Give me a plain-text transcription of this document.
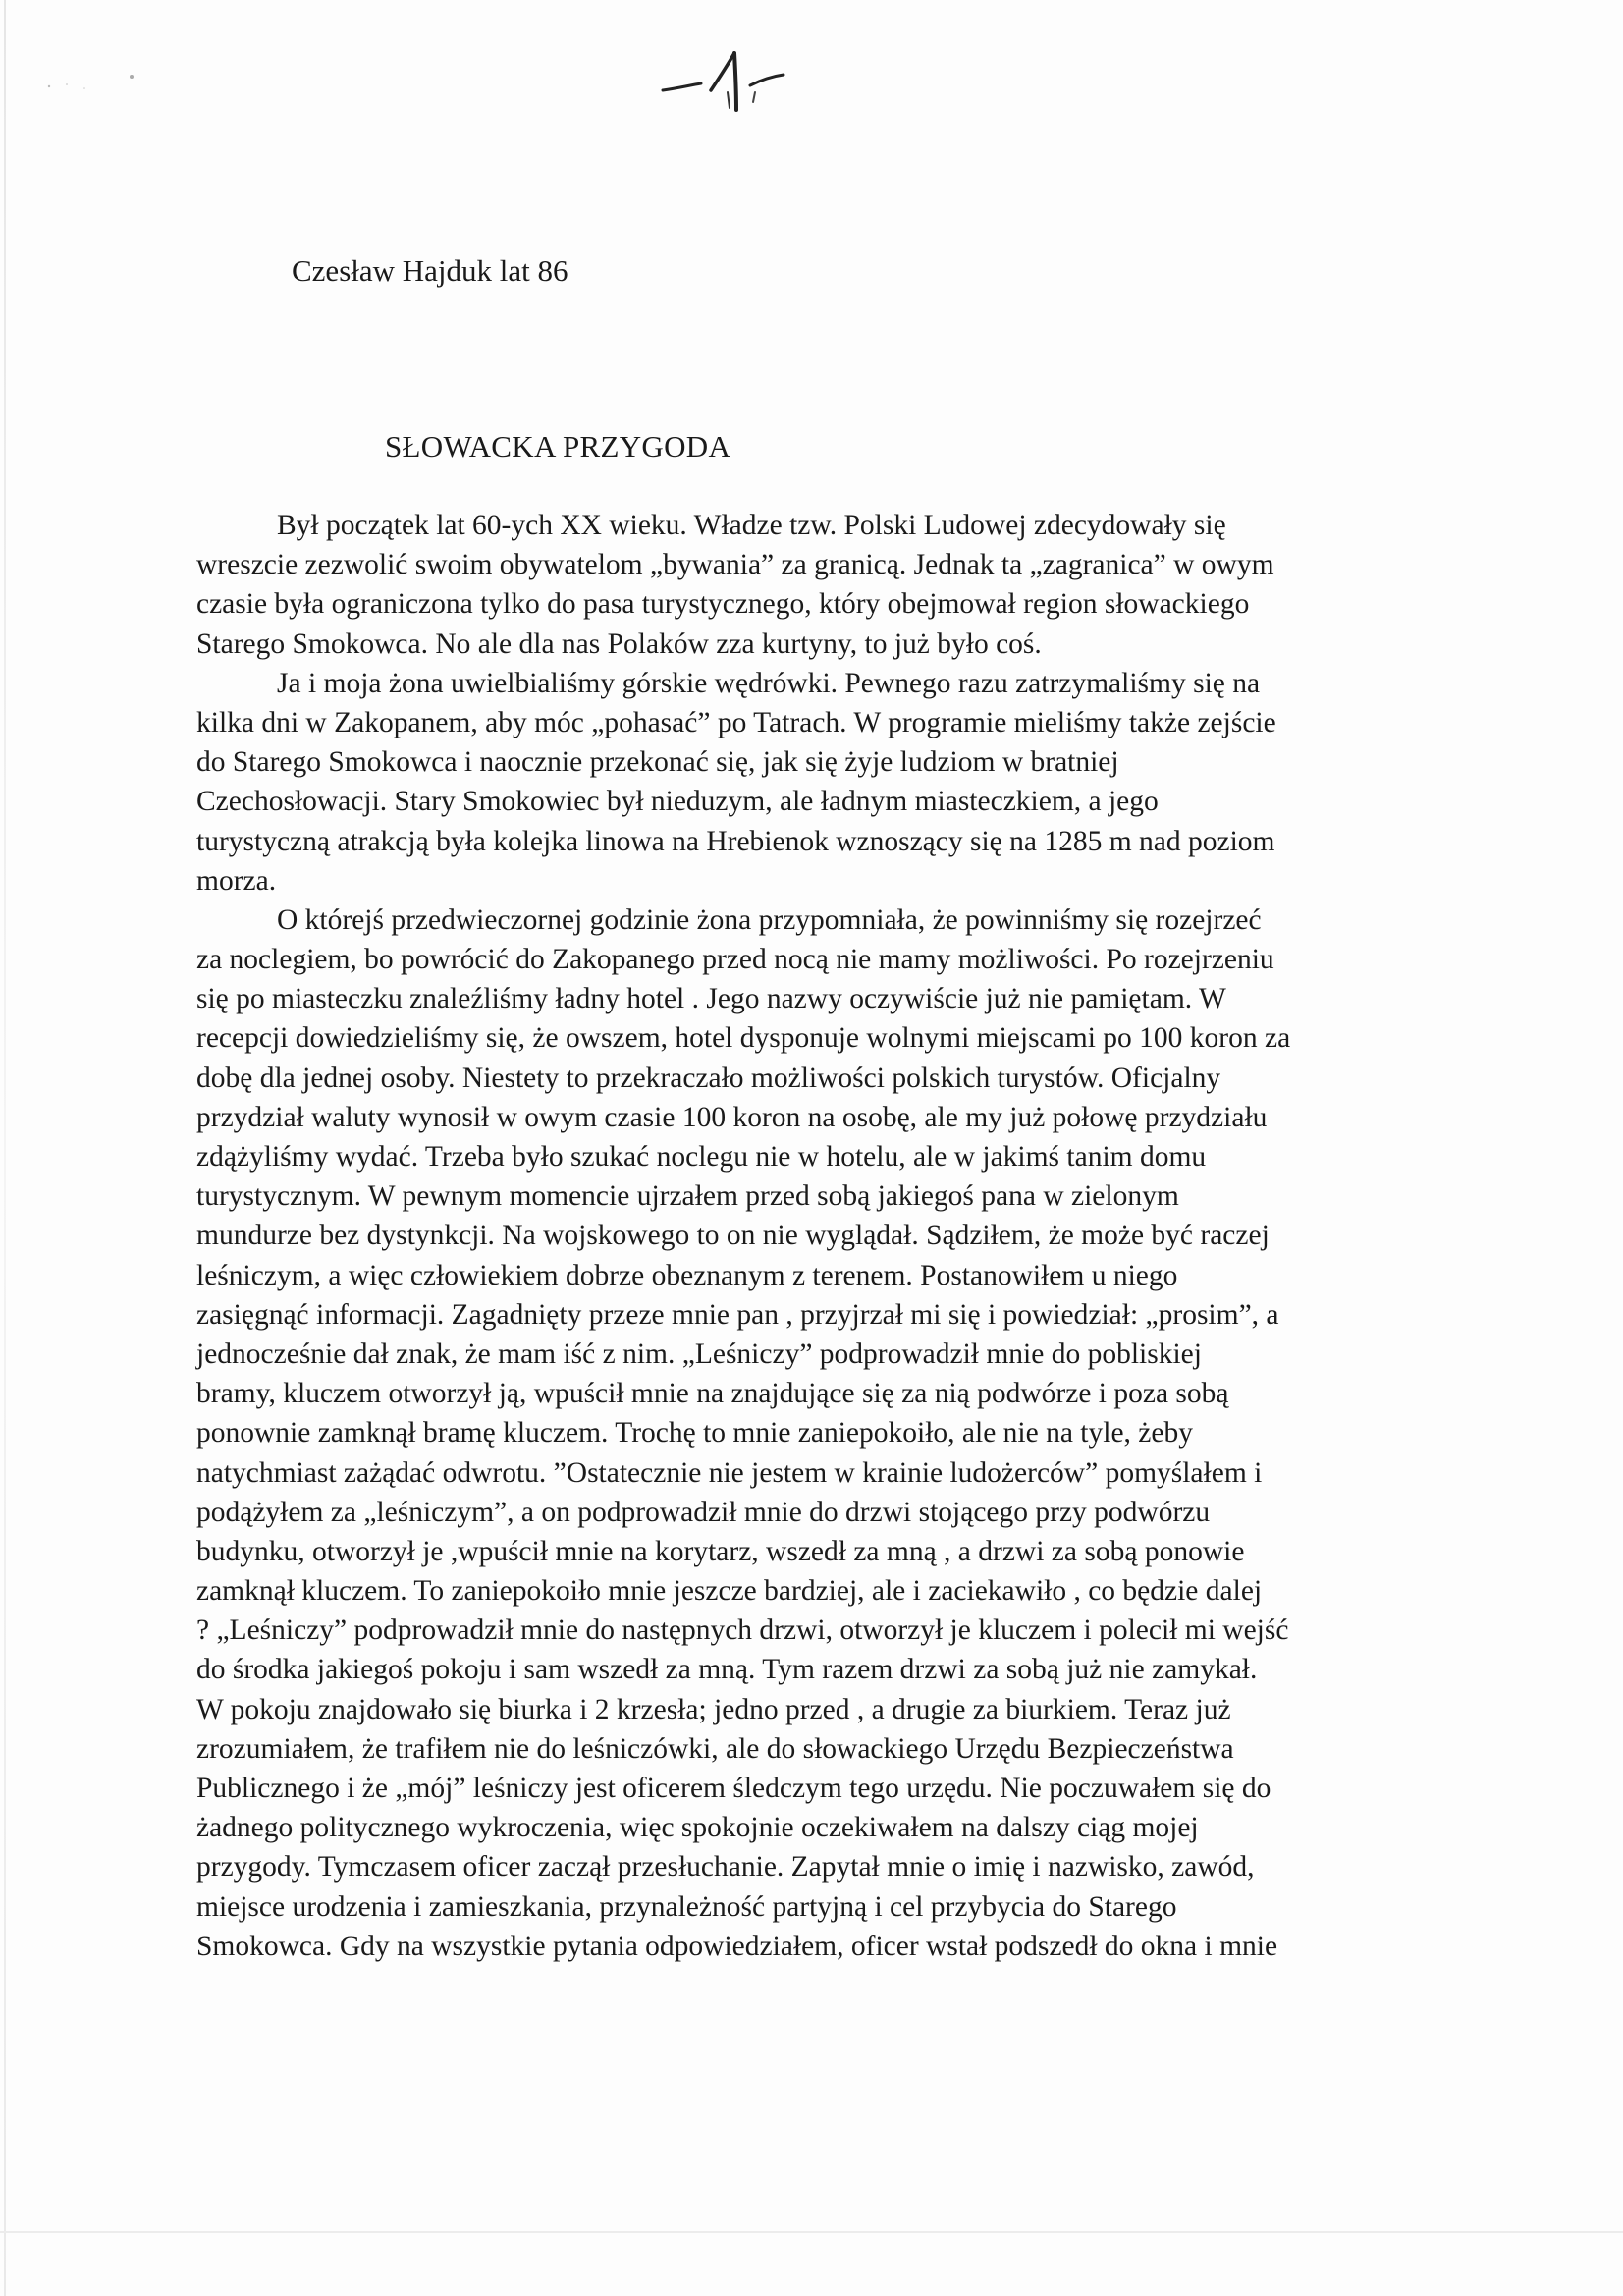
Czesław Hajduk lat 86
SŁOWACKA PRZYGODA
Był początek lat 60-ych XX wieku. Władze tzw. Polski Ludowej zdecydowały się
wreszcie zezwolić swoim obywatelom „bywania” za granicą. Jednak ta „zagranica” w owym
czasie była ograniczona tylko do pasa turystycznego, który obejmował region słowackiego
Starego Smokowca. No ale dla nas Polaków zza kurtyny, to już było coś.
Ja i moja żona uwielbialiśmy górskie wędrówki. Pewnego razu zatrzymaliśmy się na
kilka dni w Zakopanem, aby móc „pohasać” po Tatrach. W programie mieliśmy także zejście
do Starego Smokowca i naocznie przekonać się, jak się żyje ludziom w bratniej
Czechosłowacji. Stary Smokowiec był nieduzym, ale ładnym miasteczkiem, a jego
turystyczną atrakcją była kolejka linowa na Hrebienok wznoszący się na 1285 m nad poziom
morza.
O którejś przedwieczornej godzinie żona przypomniała, że powinniśmy się rozejrzeć
za noclegiem, bo powrócić do Zakopanego przed nocą nie mamy możliwości. Po rozejrzeniu
się po miasteczku znaleźliśmy ładny hotel . Jego nazwy oczywiście już nie pamiętam. W
recepcji dowiedzieliśmy się, że owszem, hotel dysponuje wolnymi miejscami po 100 koron za
dobę dla jednej osoby. Niestety to przekraczało możliwości polskich turystów. Oficjalny
przydział waluty wynosił w owym czasie 100 koron na osobę, ale my już połowę przydziału
zdążyliśmy wydać. Trzeba było szukać noclegu nie w hotelu, ale w jakimś tanim domu
turystycznym. W pewnym momencie ujrzałem przed sobą jakiegoś pana w zielonym
mundurze bez dystynkcji. Na wojskowego to on nie wyglądał. Sądziłem, że może być raczej
leśniczym, a więc człowiekiem dobrze obeznanym z terenem. Postanowiłem u niego
zasięgnąć informacji. Zagadnięty przeze mnie pan , przyjrzał mi się i powiedział: „prosim”, a
jednocześnie dał znak, że mam iść z nim. „Leśniczy” podprowadził mnie do pobliskiej
bramy, kluczem otworzył ją, wpuścił mnie na znajdujące się za nią podwórze i poza sobą
ponownie zamknął bramę kluczem. Trochę to mnie zaniepokoiło, ale nie na tyle, żeby
natychmiast zażądać odwrotu. ”Ostatecznie nie jestem w krainie ludożerców” pomyślałem i
podążyłem za „leśniczym”, a on podprowadził mnie do drzwi stojącego przy podwórzu
budynku, otworzył je ,wpuścił mnie na korytarz, wszedł za mną , a drzwi za sobą ponowie
zamknął kluczem. To zaniepokoiło mnie jeszcze bardziej, ale i zaciekawiło , co będzie dalej
? „Leśniczy” podprowadził mnie do następnych drzwi, otworzył je kluczem i polecił mi wejść
do środka jakiegoś pokoju i sam wszedł za mną. Tym razem drzwi za sobą już nie zamykał.
W pokoju znajdowało się biurka i 2 krzesła; jedno przed , a drugie za biurkiem. Teraz już
zrozumiałem, że trafiłem nie do leśniczówki, ale do słowackiego Urzędu Bezpieczeństwa
Publicznego i że „mój” leśniczy jest oficerem śledczym tego urzędu. Nie poczuwałem się do
żadnego politycznego wykroczenia, więc spokojnie oczekiwałem na dalszy ciąg mojej
przygody. Tymczasem oficer zaczął przesłuchanie. Zapytał mnie o imię i nazwisko, zawód,
miejsce urodzenia i zamieszkania, przynależność partyjną i cel przybycia do Starego
Smokowca. Gdy na wszystkie pytania odpowiedziałem, oficer wstał podszedł do okna i mnie
